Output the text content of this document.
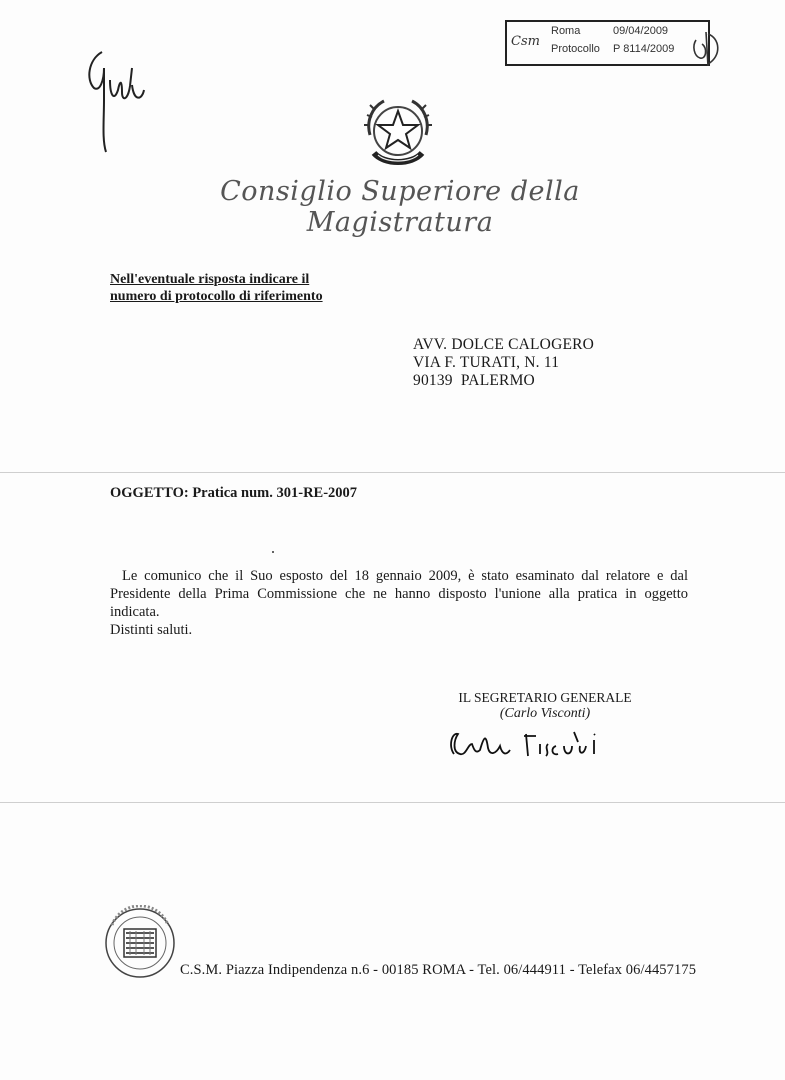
Csm
Roma	09/04/2009
Protocollo P 8114/2009
Consiglio Superiore della Magistratura
Nell'eventuale risposta indicare il
numero di protocollo di riferimento
AVV. DOLCE CALOGERO
VIA F. TURATI, N. 11
90139  PALERMO
OGGETTO: Pratica num. 301-RE-2007

Le comunico che il Suo esposto del 18 gennaio 2009, è stato esaminato dal relatore e dal Presidente della Prima Commissione che ne hanno disposto l'unione alla pratica in oggetto indicata.

Distinti saluti.

IL SEGRETARIO GENERALE
(Carlo Visconti)
C.S.M. Piazza Indipendenza n.6 - 00185 ROMA - Tel. 06/444911 - Telefax 06/4457175
